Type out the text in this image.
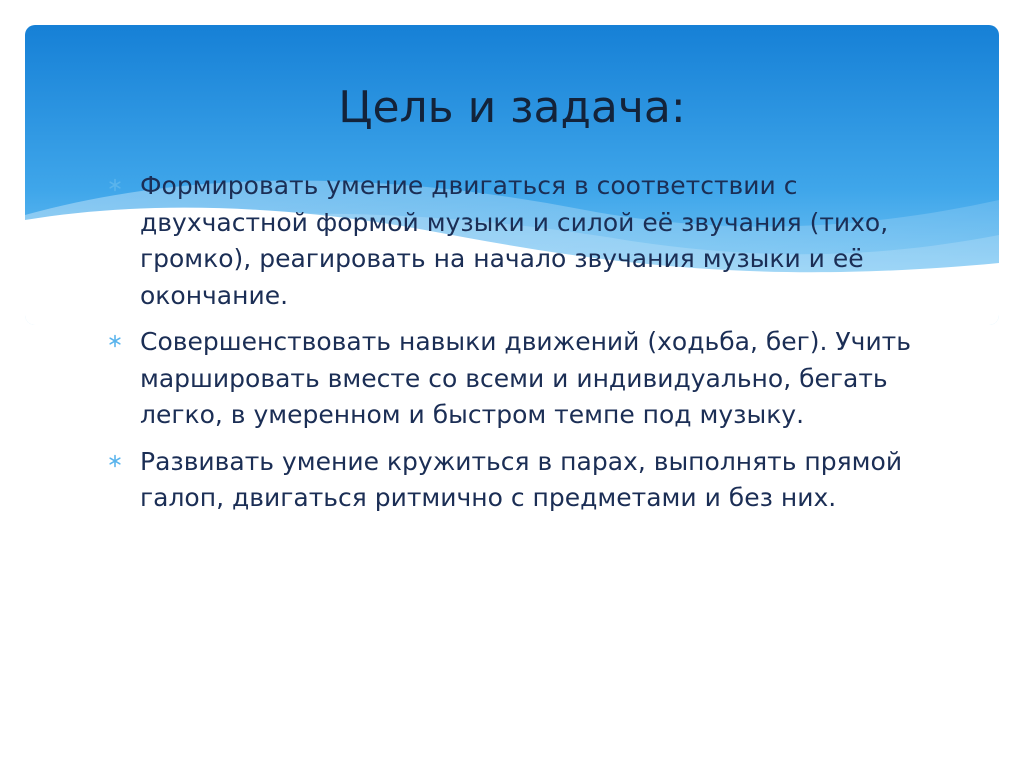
Цель и задача:
Формировать умение двигаться в соответствии с двухчастной формой музыки и силой её звучания (тихо, громко), реагировать на начало звучания музыки и её окончание.
Совершенствовать навыки движений (ходьба, бег). Учить маршировать вместе со всеми и индивидуально, бегать легко, в умеренном и быстром темпе под музыку.
Развивать умение кружиться в парах, выполнять прямой галоп, двигаться ритмично с предметами и без них.
